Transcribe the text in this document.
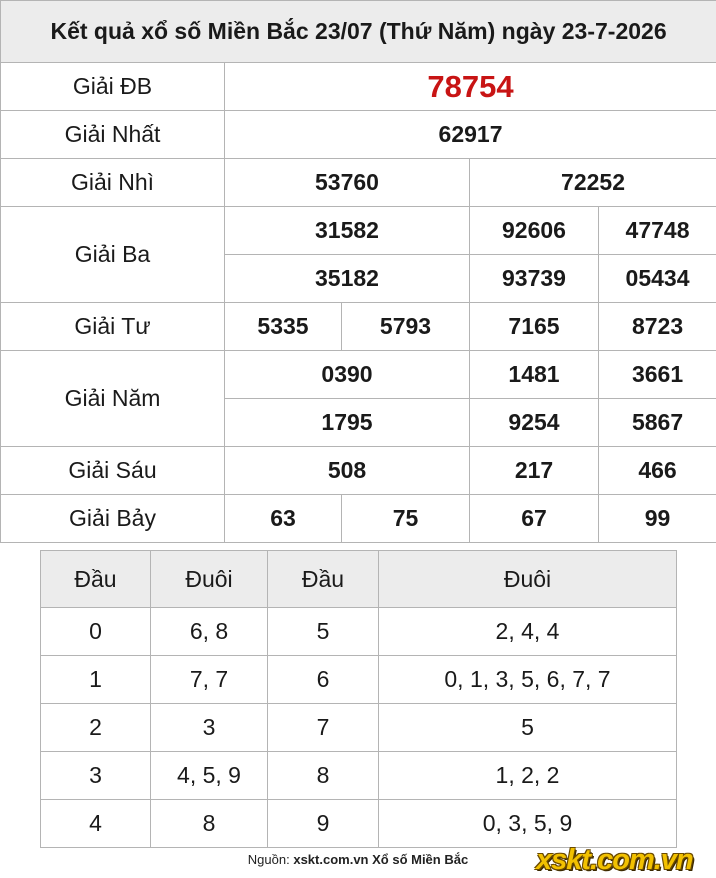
Kết quả xổ số Miền Bắc 23/07 (Thứ Năm) ngày 23-7-2026				
Giải ĐB	78754			
Giải Nhất	62917			
Giải Nhì	53760		72252	
Giải Ba	31582		92606	47748
	35182		93739	05434
Giải Tư	5335	5793	7165	8723
Giải Năm	0390		1481	3661
	1795		9254	5867
Giải Sáu	508		217	466
Giải Bảy	63	75	67	99
Đầu	Đuôi	Đầu	Đuôi
0	6, 8	5	2, 4, 4
1	7, 7	6	0, 1, 3, 5, 6, 7, 7
2	3	7	5
3	4, 5, 9	8	1, 2, 2
4	8	9	0, 3, 5, 9
Nguồn: xskt.com.vn Xổ số Miền Bắc	xskt.com.vn
